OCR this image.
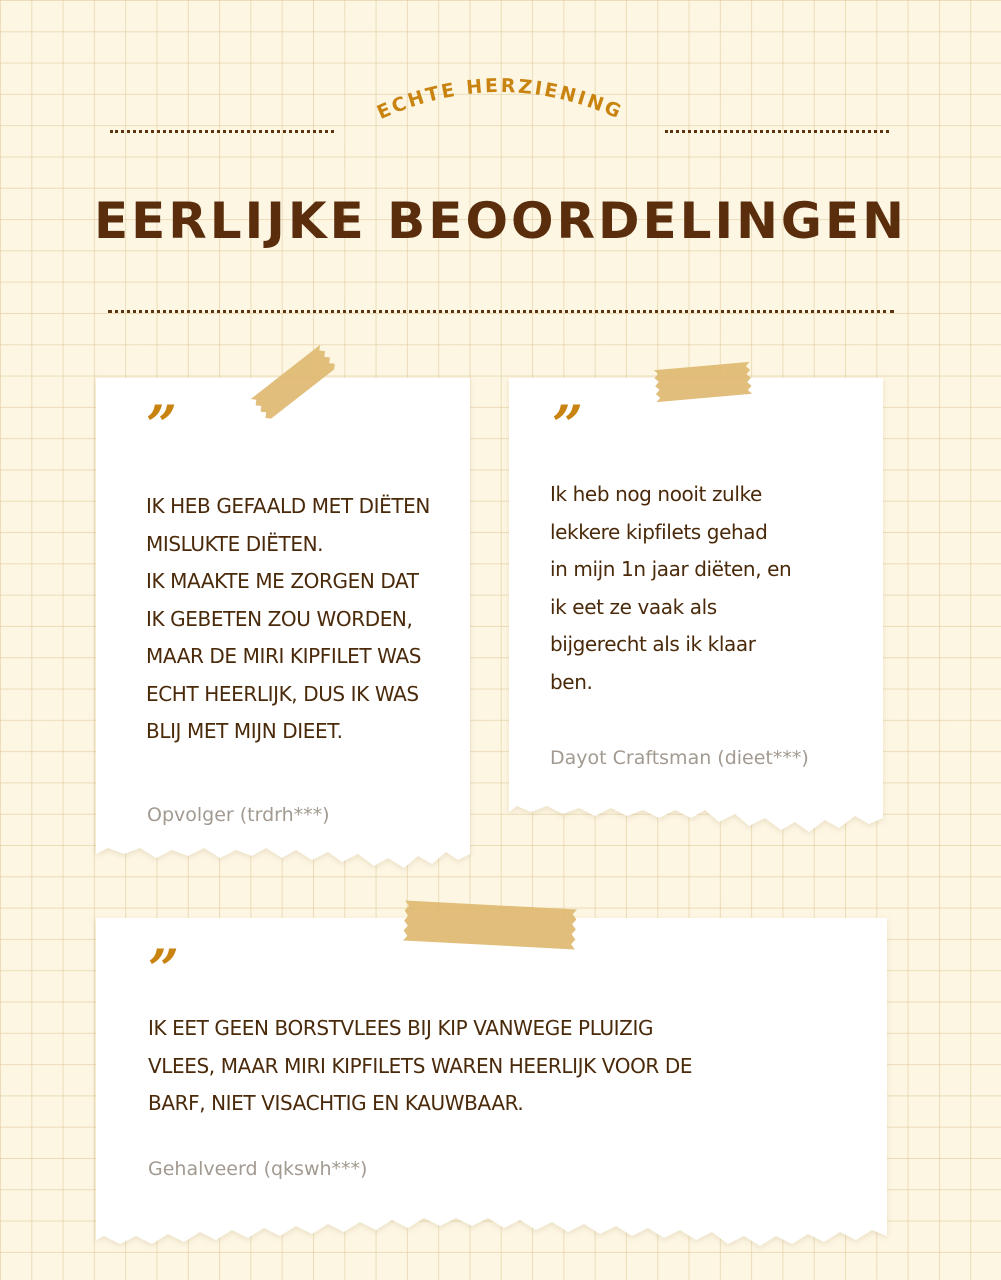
ECHTE HERZIENING
EERLIJKE BEOORDELINGEN
”

IK HEB GEFAALD MET DIËTEN
MISLUKTE DIËTEN.
IK MAAKTE ME ZORGEN DAT
IK GEBETEN ZOU WORDEN,
MAAR DE MIRI KIPFILET WAS
ECHT HEERLIJK, DUS IK WAS
BLIJ MET MIJN DIEET.

Opvolger (trdrh***)

”

Ik heb nog nooit zulke
lekkere kipfilets gehad
in mijn 1n jaar diëten, en
ik eet ze vaak als
bijgerecht als ik klaar
ben.

Dayot Craftsman (dieet***)

”

IK EET GEEN BORSTVLEES BIJ KIP VANWEGE PLUIZIG
VLEES, MAAR MIRI KIPFILETS WAREN HEERLIJK VOOR DE
BARF, NIET VISACHTIG EN KAUWBAAR.

Gehalveerd (qkswh***)
